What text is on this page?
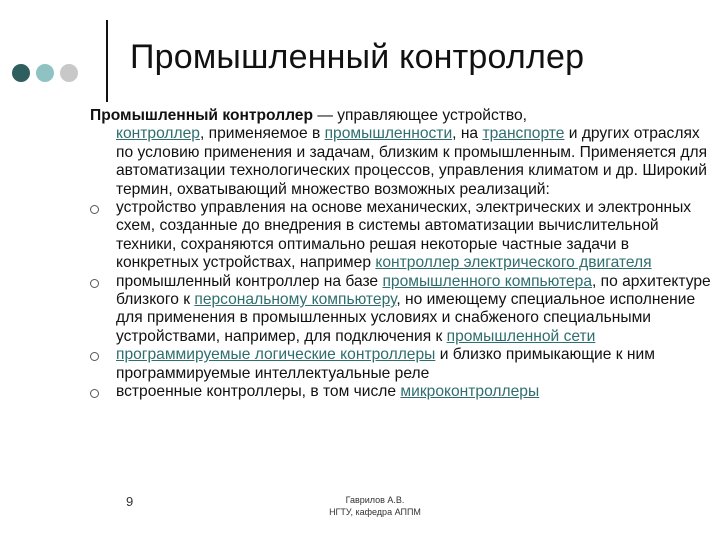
Промышленный контроллер

Промышленный контроллер — управляющее устройство,
контроллер, применяемое в промышленности, на транспорте и других отраслях по условию применения и задачам, близким к промышленным. Применяется для автоматизации технологических процессов, управления климатом и др. Широкий термин, охватывающий множество возможных реализаций:

устройство управления на основе механических, электрических и электронных схем, созданные до внедрения в системы автоматизации вычислительной техники, сохраняются оптимально решая некоторые частные задачи в конкретных устройствах, например контроллер электрического двигателя
промышленный контроллер на базе промышленного компьютера, по архитектуре близкого к персональному компьютеру, но имеющему специальное исполнение для применения в промышленных условиях и снабженого специальными устройствами, например, для подключения к промышленной сети
программируемые логические контроллеры и близко примыкающие к ним программируемые интеллектуальные реле
встроенные контроллеры, в том числе микроконтроллеры
9	Гаврилов А.В.
НГТУ, кафедра АППМ
